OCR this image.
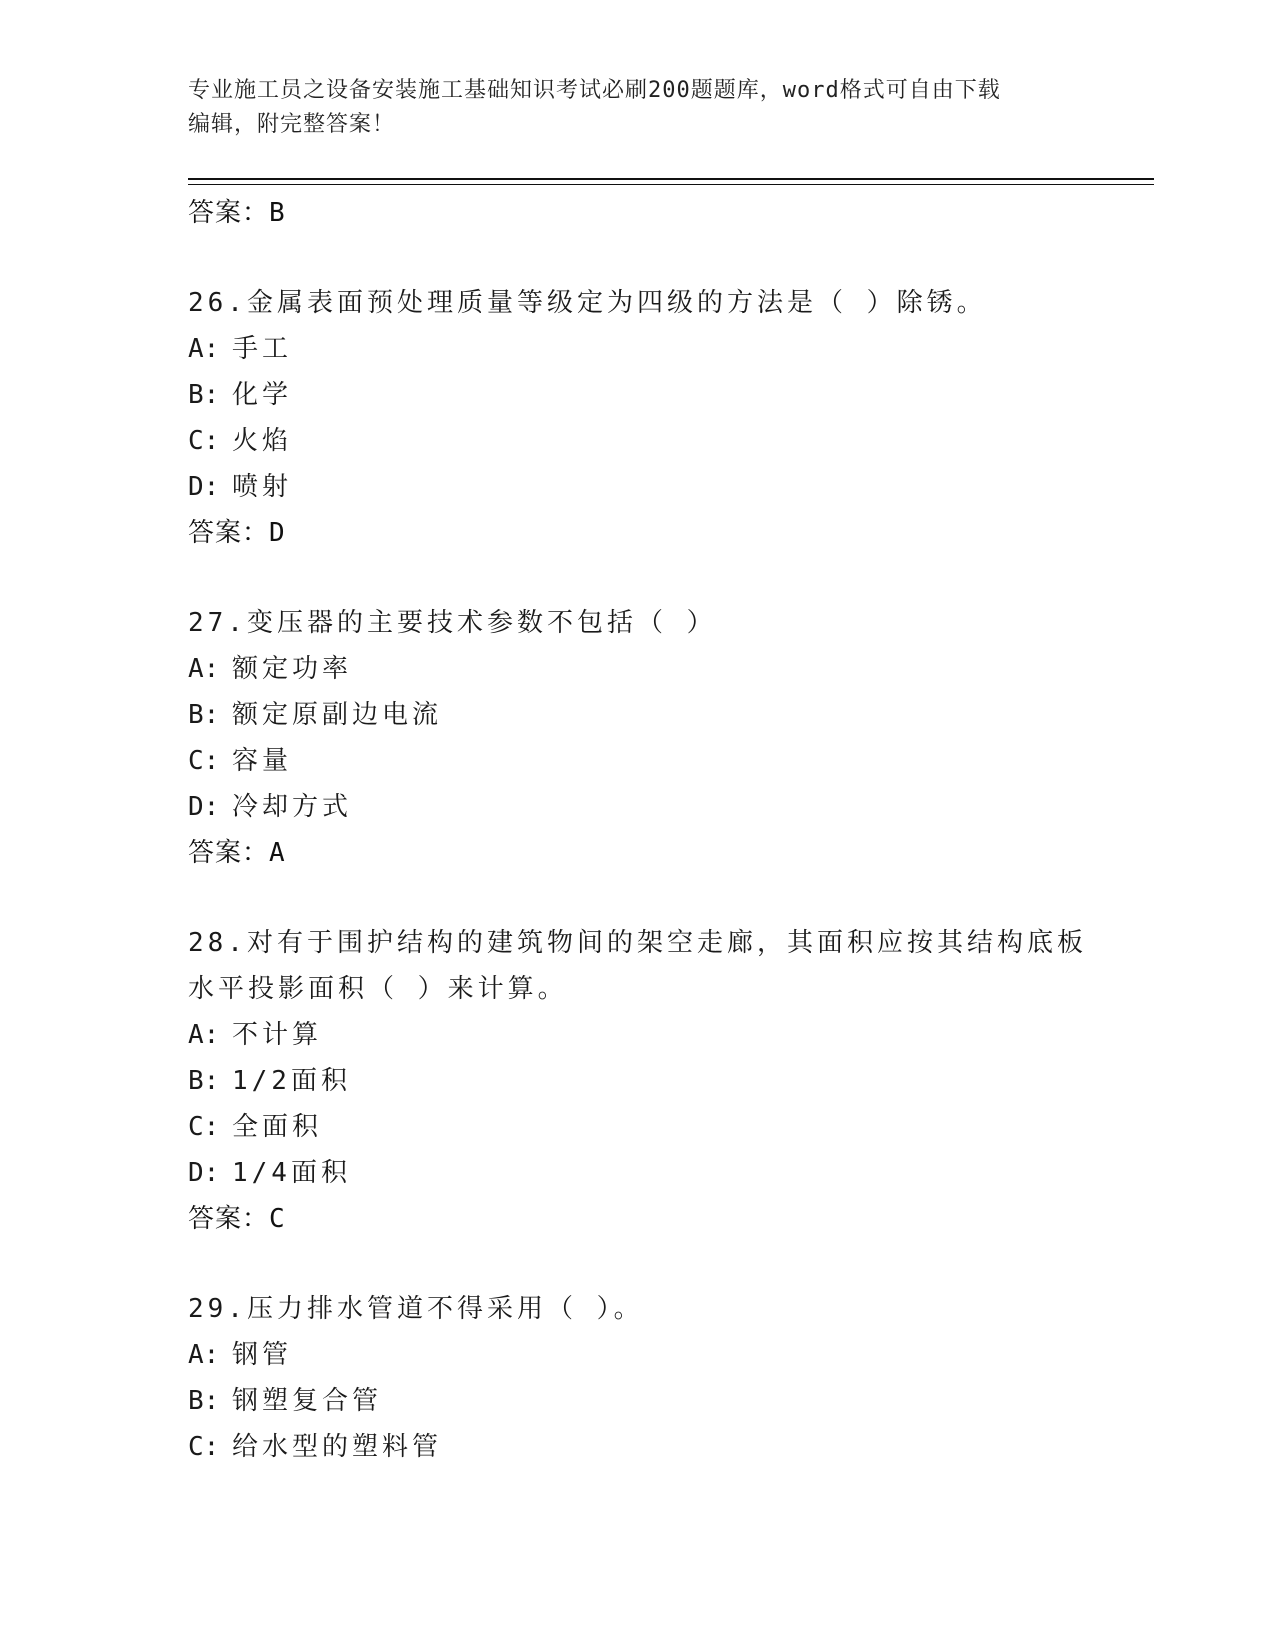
专业施工员之设备安装施工基础知识考试必刷200题题库，word格式可自由下载
编辑，附完整答案！

答案：B

26.金属表面预处理质量等级定为四级的方法是（ ）除锈。

A: 手工

B: 化学

C: 火焰

D: 喷射

答案：D

27.变压器的主要技术参数不包括（ ）

A: 额定功率

B: 额定原副边电流

C: 容量

D: 冷却方式

答案：A

28.对有于围护结构的建筑物间的架空走廊，其面积应按其结构底板水平投影面积（ ）来计算。

A: 不计算

B: 1/2面积

C: 全面积

D: 1/4面积

答案：C

29.压力排水管道不得采用（ ）。

A: 钢管

B: 钢塑复合管

C: 给水型的塑料管
